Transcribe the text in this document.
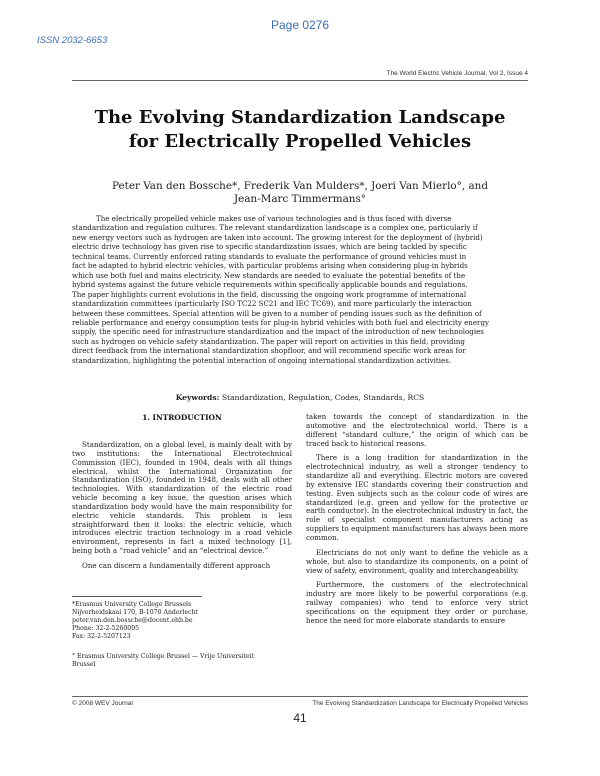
Page 0276
ISSN 2032-6653
The World Electric Vehicle Journal, Vol 2, Issue 4
The Evolving Standardization Landscape
for Electrically Propelled Vehicles
Peter Van den Bossche*, Frederik Van Mulders*, Joeri Van Mierlo°, and
Jean-Marc Timmermans°
The electrically propelled vehicle makes use of various technologies and is thus faced with diverse
standardization and regulation cultures. The relevant standardization landscape is a complex one, particularly if
new energy vectors such as hydrogen are taken into account. The growing interest for the deployment of (hybrid)
electric drive technology has given rise to specific standardization issues, which are being tackled by specific
technical teams. Currently enforced rating standards to evaluate the performance of ground vehicles must in
fact be adapted to hybrid electric vehicles, with particular problems arising when considering plug-in hybrids
which use both fuel and mains electricity. New standards are needed to evaluate the potential benefits of the
hybrid systems against the future vehicle requirements within specifically applicable bounds and regulations.
The paper highlights current evolutions in the field, discussing the ongoing work programme of international
standardization committees (particularly ISO TC22 SC21 and IEC TC69), and more particularly the interaction
between these committees. Special attention will be given to a number of pending issues such as the definition of
reliable performance and energy consumption tests for plug-in hybrid vehicles with both fuel and electricity energy
supply, the specific need for infrastructure standardization and the impact of the introduction of new technologies
such as hydrogen on vehicle safety standardization. The paper will report on activities in this field, providing
direct feedback from the international standardization shopfloor, and will recommend specific work areas for
standardization, highlighting the potential interaction of ongoing international standardization activities.
Keywords: Standardization, Regulation, Codes, Standards, RCS
1. INTRODUCTION

Standardization, on a global level, is mainly dealt with by two institutions: the International Electrotechnical Commission (IEC), founded in 1904, deals with all things electrical, whilst the International Organization for Standardization (ISO), founded in 1948, deals with all other technologies. With standardization of the electric road vehicle becoming a key issue, the question arises which standardization body would have the main responsibility for electric vehicle standards. This problem is less straightforward then it looks: the electric vehicle, which introduces electric traction technology in a road vehicle environment, represents in fact a mixed technology [1], being both a “road vehicle” and an “electrical device.”

One can discern a fundamentally different approach

taken towards the concept of standardization in the automotive and the electrotechnical world. There is a different “standard culture,” the origin of which can be traced back to historical reasons.

There is a long tradition for standardization in the electrotechnical industry, as well a stronger tendency to standardize all and everything. Electric motors are covered by extensive IEC standards covering their construction and testing. Even subjects such as the colour code of wires are standardized (e.g. green and yellow for the protective or earth conductor). In the electrotechnical industry in fact, the role of specialist component manufacturers acting as suppliers to equipment manufacturers has always been more common.

Electricians do not only want to define the vehicle as a whole, but also to standardize its components, on a point of view of safety, environment, quality and interchangeability.

Furthermore, the customers of the electrotechnical industry are more likely to be powerful corporations (e.g. railway companies) who tend to enforce very strict specifications on the equipment they order or purchase, hence the need for more elaborate standards to ensure

*Erasmus University College Brussels
Nijverheidskaai 170, B-1070 Anderlecht
peter.van.den.bossche@docent.ehb.be
Phone: 32-2-5260095
Fax: 32-2-5207123
° Erasmus University College Brussel — Vrije Universiteit
Brussel
© 2008 WEV Journal	The Evolving Standardization Landscape for Electrically Propelled Vehicles
41
